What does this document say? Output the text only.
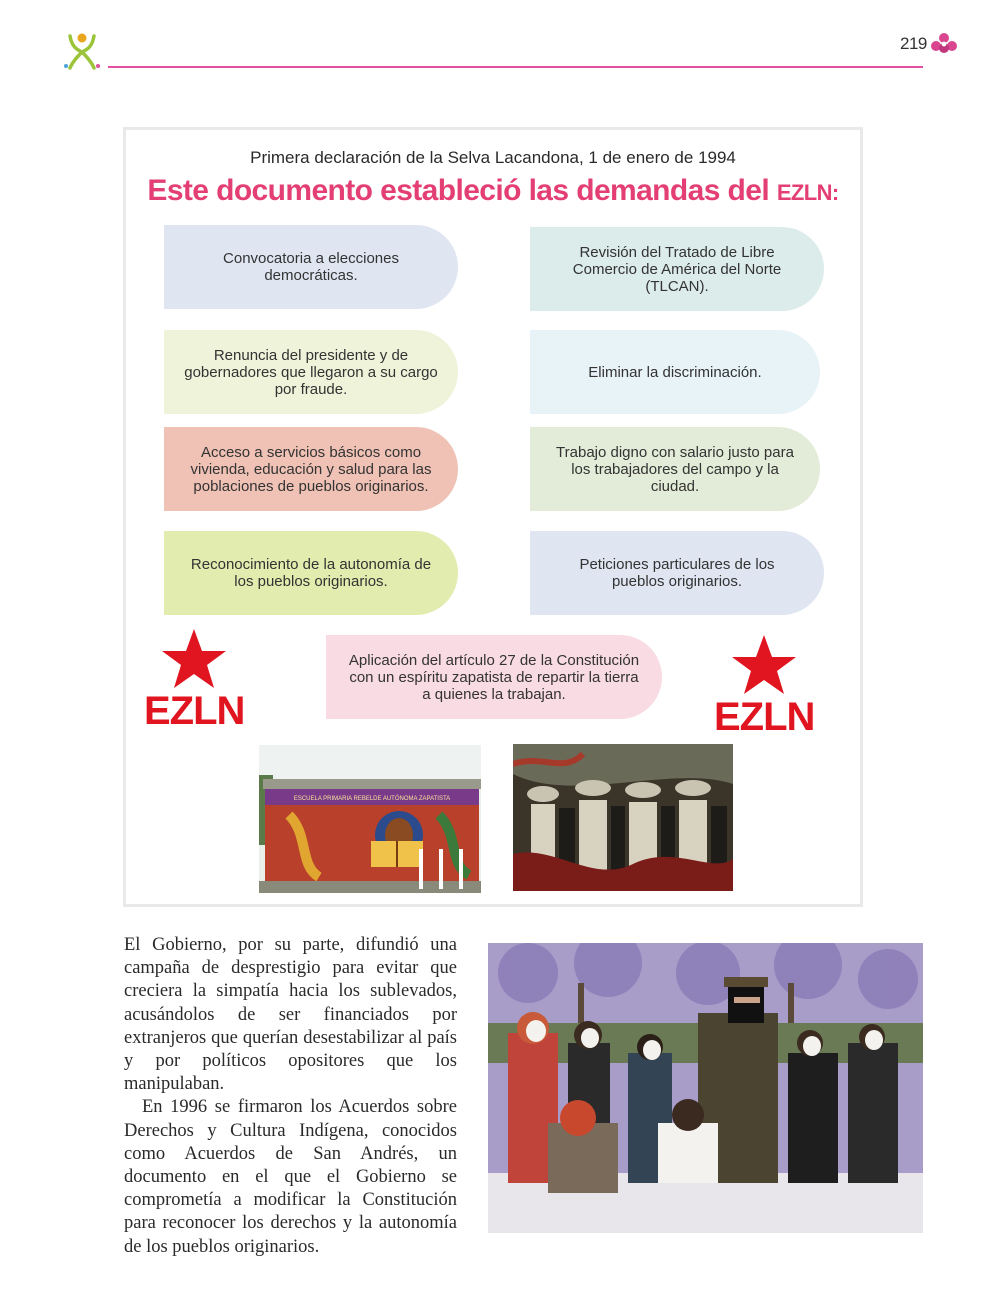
219
Primera declaración de la Selva Lacandona, 1 de enero de 1994
Este documento estableció las demandas del EZLN:
Convocatoria a elecciones democráticas.
Revisión del Tratado de Libre Comercio de América del Norte (TLCAN).
Renuncia del presidente y de gobernadores que llegaron a su cargo por fraude.
Eliminar la discriminación.
Acceso a servicios básicos como vivienda, educación y salud para las poblaciones de pueblos originarios.
Trabajo digno con salario justo para los trabajadores del campo y la ciudad.
Reconocimiento de la autonomía de los pueblos originarios.
Peticiones particulares de los pueblos originarios.
Aplicación del artículo 27 de la Constitución con un espíritu zapatista de repartir la tierra a quienes la trabajan.
EZLN	EZLN
ESCUELA PRIMARIA REBELDE AUTÓNOMA ZAPATISTA

El Gobierno, por su parte, difundió una campaña de desprestigio para evitar que creciera la simpatía hacia los sublevados, acusándolos de ser financiados por extranjeros que querían desestabilizar al país y por políticos opositores que los manipulaban.

En 1996 se firmaron los Acuerdos sobre Derechos y Cultura Indígena, conocidos como Acuerdos de San Andrés, un documento en el que el Gobierno se comprometía a modificar la Constitución para reconocer los derechos y la autonomía de los pueblos originarios.
